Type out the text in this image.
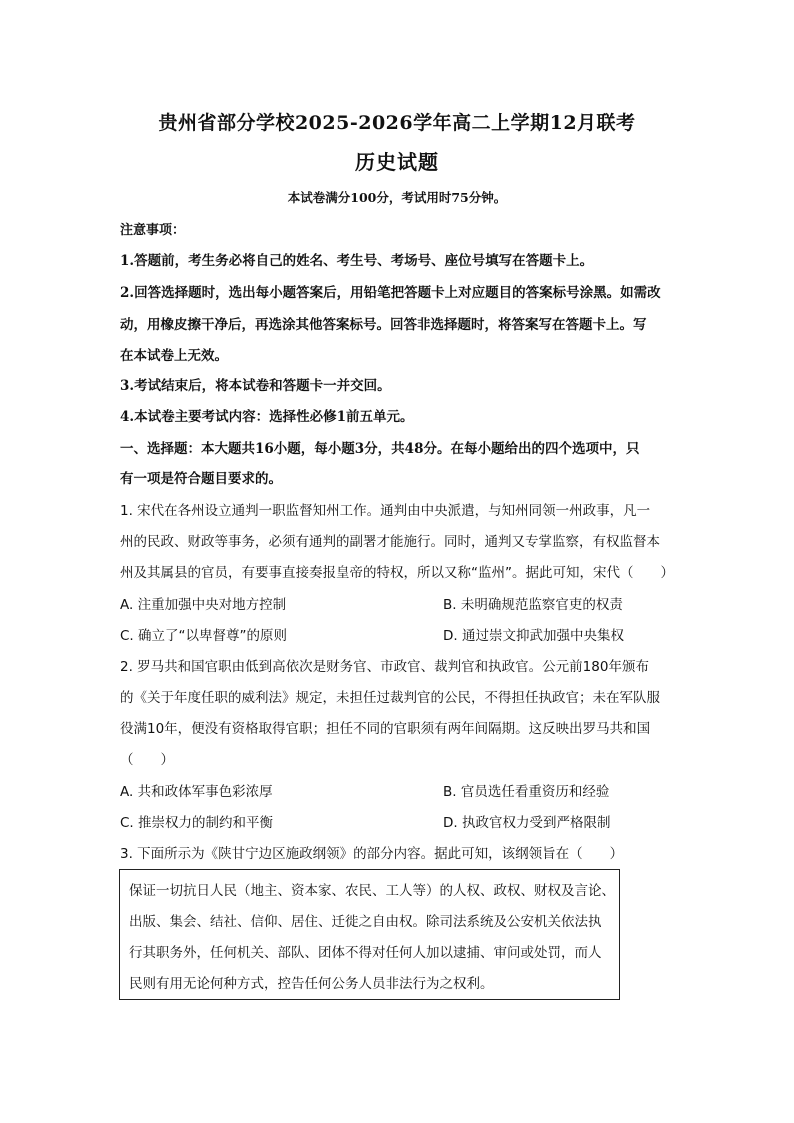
贵州省部分学校2025-2026学年高二上学期12月联考
历史试题
本试卷满分100分，考试用时75分钟。
注意事项：
1.答题前，考生务必将自己的姓名、考生号、考场号、座位号填写在答题卡上。
2.回答选择题时，选出每小题答案后，用铅笔把答题卡上对应题目的答案标号涂黑。如需改
动，用橡皮擦干净后，再选涂其他答案标号。回答非选择题时，将答案写在答题卡上。写
在本试卷上无效。
3.考试结束后，将本试卷和答题卡一并交回。
4.本试卷主要考试内容：选择性必修1前五单元。
一、选择题：本大题共16小题，每小题3分，共48分。在每小题给出的四个选项中，只
有一项是符合题目要求的。
1. 宋代在各州设立通判一职监督知州工作。通判由中央派遣，与知州同领一州政事，凡一
州的民政、财政等事务，必须有通判的副署才能施行。同时，通判又专掌监察，有权监督本
州及其属县的官员，有要事直接奏报皇帝的特权，所以又称“监州”。据此可知，宋代（　　）
A. 注重加强中央对地方控制	B. 未明确规范监察官吏的权责
C. 确立了“以卑督尊”的原则	D. 通过崇文抑武加强中央集权
2. 罗马共和国官职由低到高依次是财务官、市政官、裁判官和执政官。公元前180年颁布
的《关于年度任职的威利法》规定，未担任过裁判官的公民，不得担任执政官；未在军队服
役满10年，便没有资格取得官职；担任不同的官职须有两年间隔期。这反映出罗马共和国
（　　）
A. 共和政体军事色彩浓厚	B. 官员选任看重资历和经验
C. 推崇权力的制约和平衡	D. 执政官权力受到严格限制
3. 下面所示为《陕甘宁边区施政纲领》的部分内容。据此可知，该纲领旨在（　　）
保证一切抗日人民（地主、资本家、农民、工人等）的人权、政权、财权及言论、
出版、集会、结社、信仰、居住、迁徙之自由权。除司法系统及公安机关依法执
行其职务外，任何机关、部队、团体不得对任何人加以逮捕、审问或处罚，而人
民则有用无论何种方式，控告任何公务人员非法行为之权利。
